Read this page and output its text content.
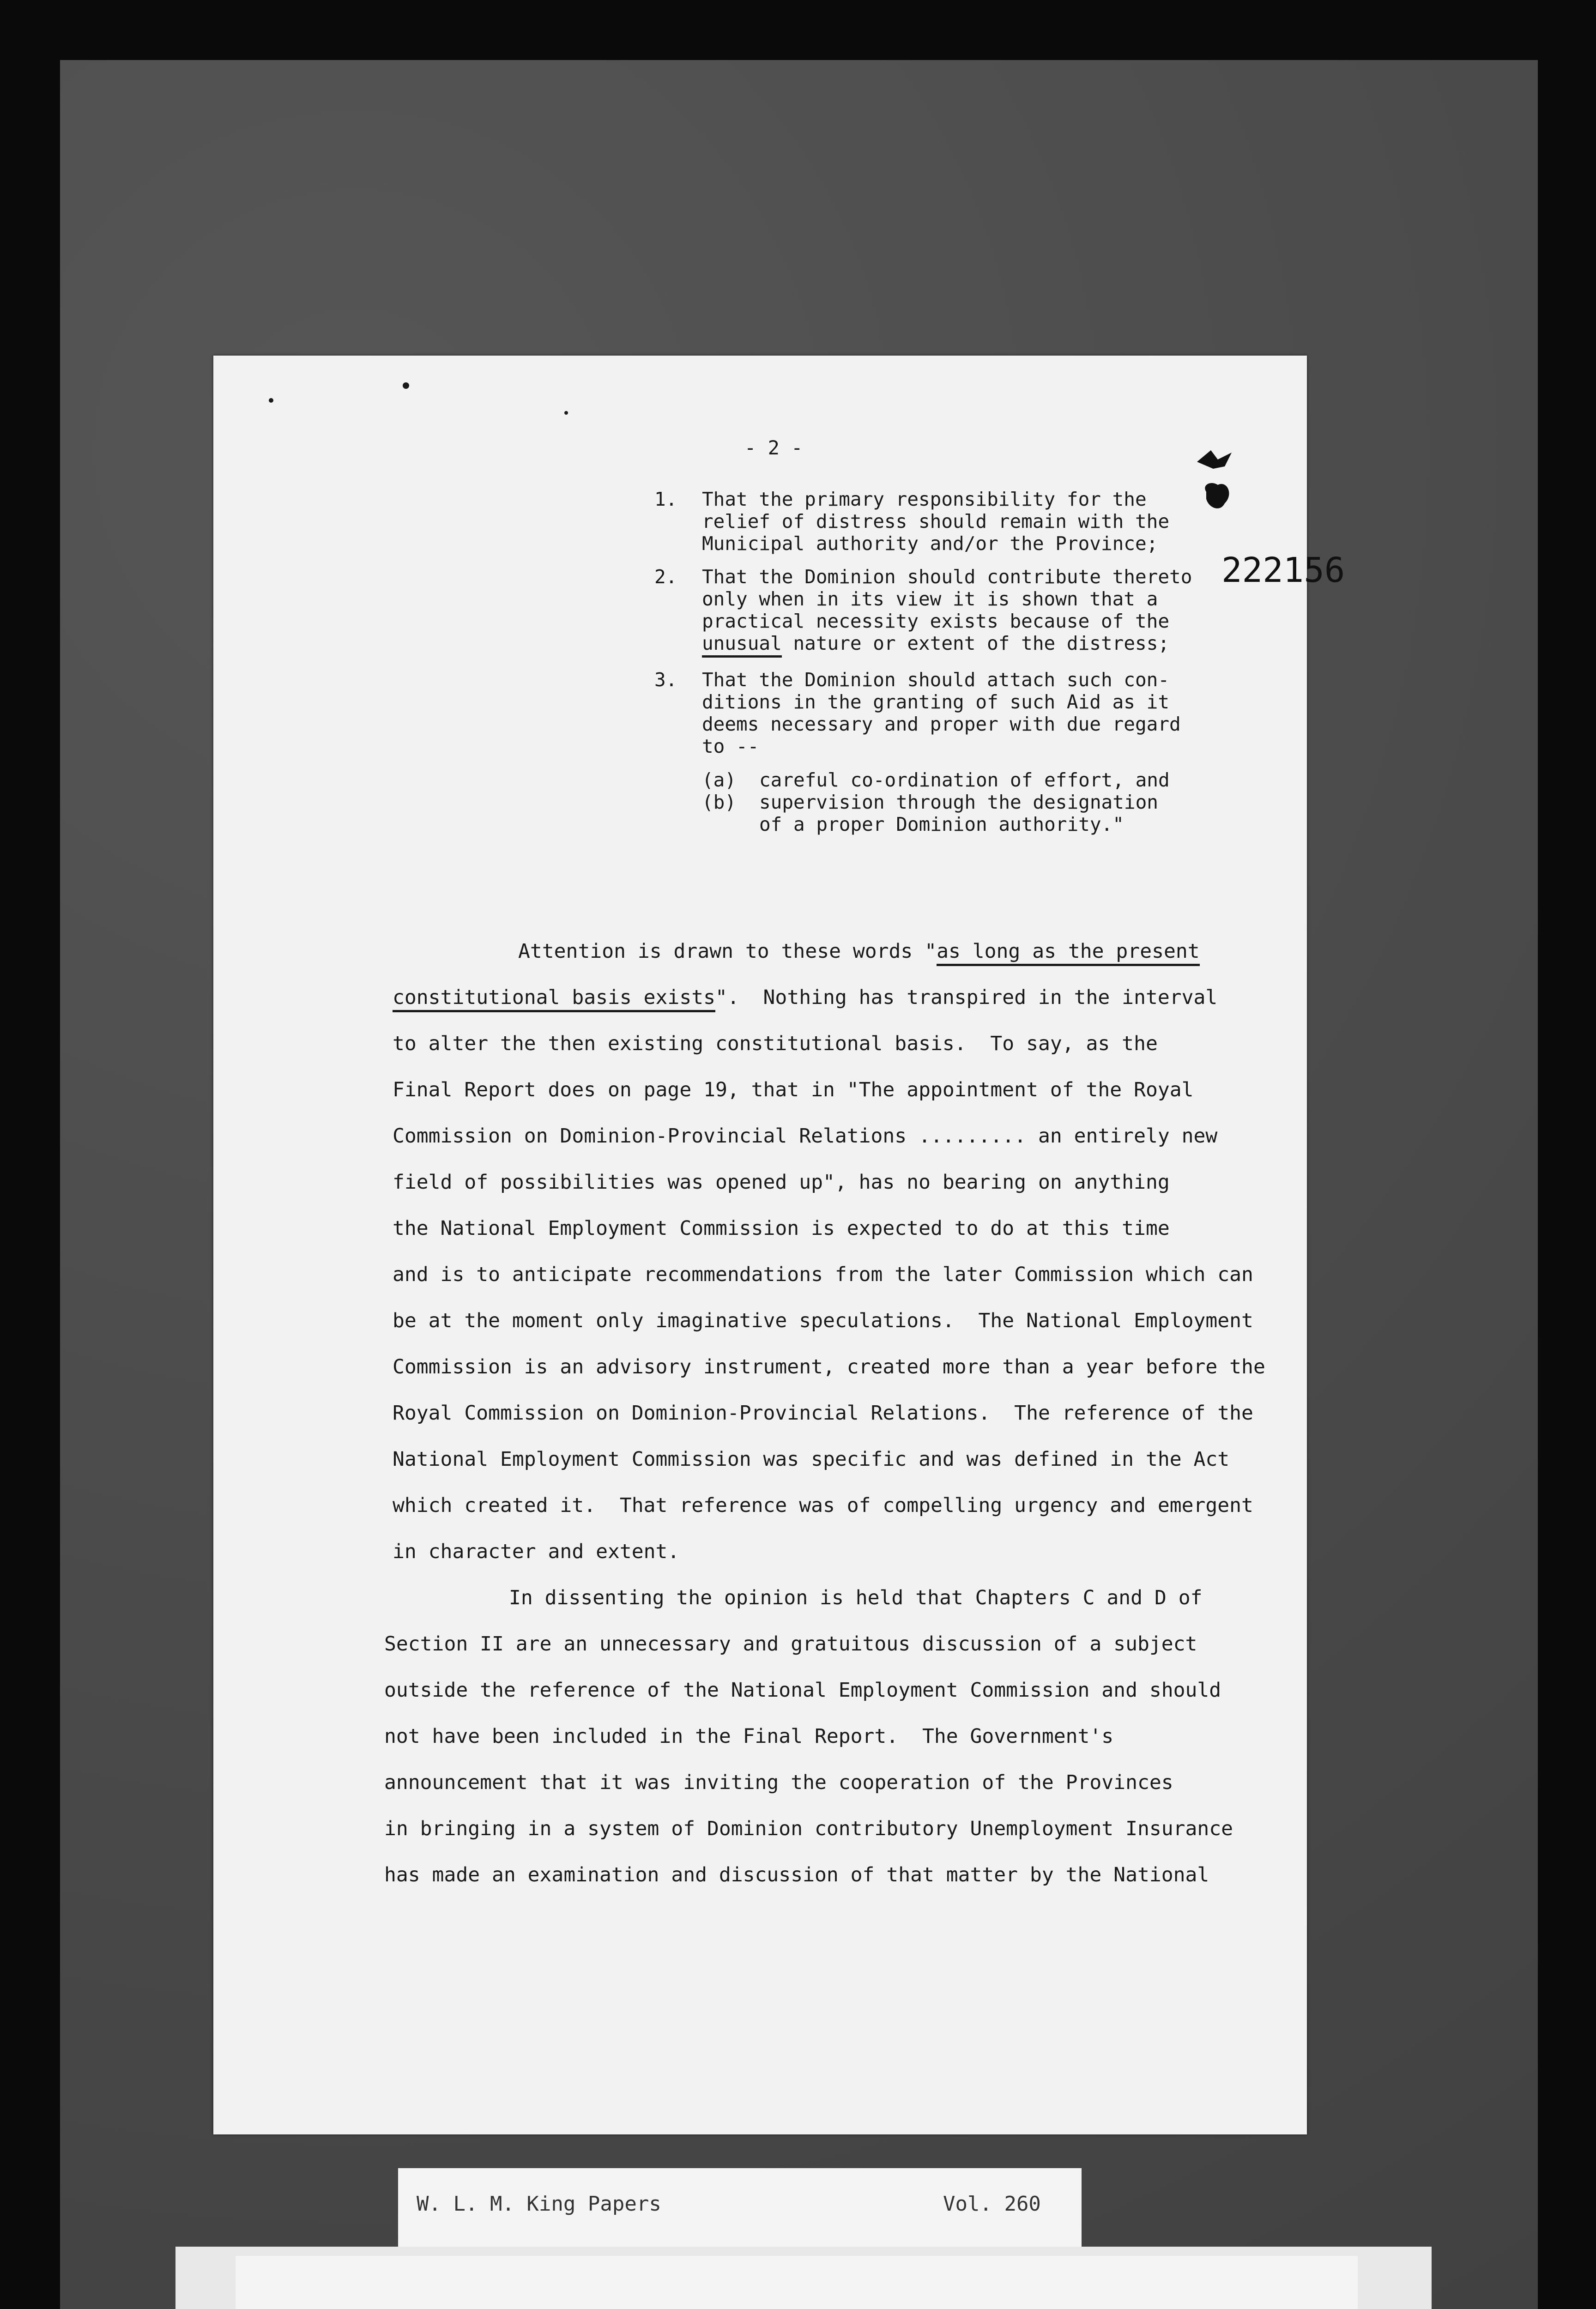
- 2 -
1. That the primary responsibility for the
relief of distress should remain with the
Municipal authority and/or the Province;
2. That the Dominion should contribute thereto
only when in its view it is shown that a
practical necessity exists because of the
unusual nature or extent of the distress;
3. That the Dominion should attach such con-
ditions in the granting of such Aid as it
deems necessary and proper with due regard
to --
(a) careful co-ordination of effort, and
(b) supervision through the designation
of a proper Dominion authority."
Attention is drawn to these words "as long as the present
constitutional basis exists".  Nothing has transpired in the interval
to alter the then existing constitutional basis.  To say, as the
Final Report does on page 19, that in "The appointment of the Royal
Commission on Dominion-Provincial Relations ......... an entirely new
field of possibilities was opened up", has no bearing on anything
the National Employment Commission is expected to do at this time
and is to anticipate recommendations from the later Commission which can
be at the moment only imaginative speculations.  The National Employment
Commission is an advisory instrument, created more than a year before the
Royal Commission on Dominion-Provincial Relations.  The reference of the
National Employment Commission was specific and was defined in the Act
which created it.  That reference was of compelling urgency and emergent
in character and extent.
In dissenting the opinion is held that Chapters C and D of
Section II are an unnecessary and gratuitous discussion of a subject
outside the reference of the National Employment Commission and should
not have been included in the Final Report.  The Government's
announcement that it was inviting the cooperation of the Provinces
in bringing in a system of Dominion contributory Unemployment Insurance
has made an examination and discussion of that matter by the National
222156
W. L. M. King Papers	Vol. 260
